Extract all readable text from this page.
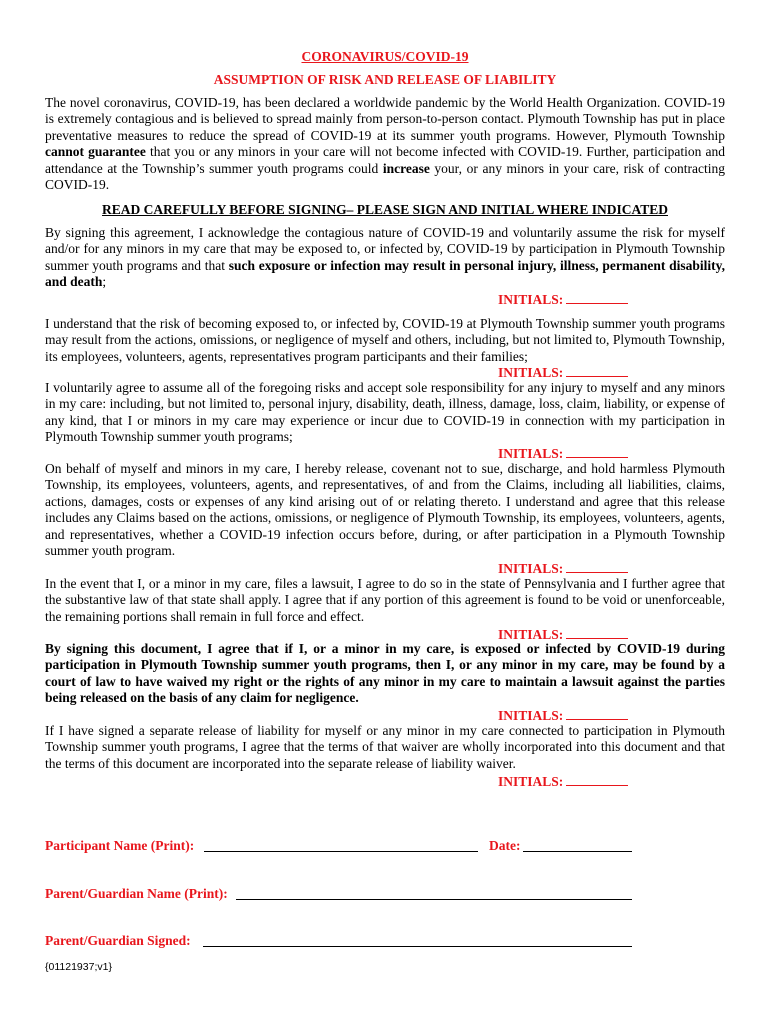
CORONAVIRUS/COVID-19
ASSUMPTION OF RISK AND RELEASE OF LIABILITY

The novel coronavirus, COVID-19, has been declared a worldwide pandemic by the World Health Organization. COVID-19 is extremely contagious and is believed to spread mainly from person-to-person contact. Plymouth Township has put in place preventative measures to reduce the spread of COVID-19 at its summer youth programs. However, Plymouth Township cannot guarantee that you or any minors in your care will not become infected with COVID-19. Further, participation and attendance at the Township’s summer youth programs could increase your, or any minors in your care, risk of contracting COVID-19.

READ CAREFULLY BEFORE SIGNING– PLEASE SIGN AND INITIAL WHERE INDICATED

By signing this agreement, I acknowledge the contagious nature of COVID-19 and voluntarily assume the risk for myself and/or for any minors in my care that may be exposed to, or infected by, COVID-19 by participation in Plymouth Township summer youth programs and that such exposure or infection may result in personal injury, illness, permanent disability, and death;

INITIALS:

I understand that the risk of becoming exposed to, or infected by, COVID-19 at Plymouth Township summer youth programs may result from the actions, omissions, or negligence of myself and others, including, but not limited to, Plymouth Township, its employees, volunteers, agents, representatives program participants and their families;

INITIALS:

I voluntarily agree to assume all of the foregoing risks and accept sole responsibility for any injury to myself and any minors in my care: including, but not limited to, personal injury, disability, death, illness, damage, loss, claim, liability, or expense of any kind, that I or minors in my care may experience or incur due to COVID-19 in connection with my participation in Plymouth Township summer youth programs;

INITIALS:

On behalf of myself and minors in my care, I hereby release, covenant not to sue, discharge, and hold harmless Plymouth Township, its employees, volunteers, agents, and representatives, of and from the Claims, including all liabilities, claims, actions, damages, costs or expenses of any kind arising out of or relating thereto. I understand and agree that this release includes any Claims based on the actions, omissions, or negligence of Plymouth Township, its employees, volunteers, agents, and representatives, whether a COVID-19 infection occurs before, during, or after participation in a Plymouth Township summer youth program.

INITIALS:

In the event that I, or a minor in my care, files a lawsuit, I agree to do so in the state of Pennsylvania and I further agree that the substantive law of that state shall apply. I agree that if any portion of this agreement is found to be void or unenforceable, the remaining portions shall remain in full force and effect.

INITIALS:

By signing this document, I agree that if I, or a minor in my care, is exposed or infected by COVID-19 during participation in Plymouth Township summer youth programs, then I, or any minor in my care, may be found by a court of law to have waived my right or the rights of any minor in my care to maintain a lawsuit against the parties being released on the basis of any claim for negligence.

INITIALS:

If I have signed a separate release of liability for myself or any minor in my care connected to participation in Plymouth Township summer youth programs, I agree that the terms of that waiver are wholly incorporated into this document and that the terms of this document are incorporated into the separate release of liability waiver.

INITIALS:
Participant Name (Print):	Date:
Parent/Guardian Name (Print):
Parent/Guardian Signed:
{01121937;v1}
